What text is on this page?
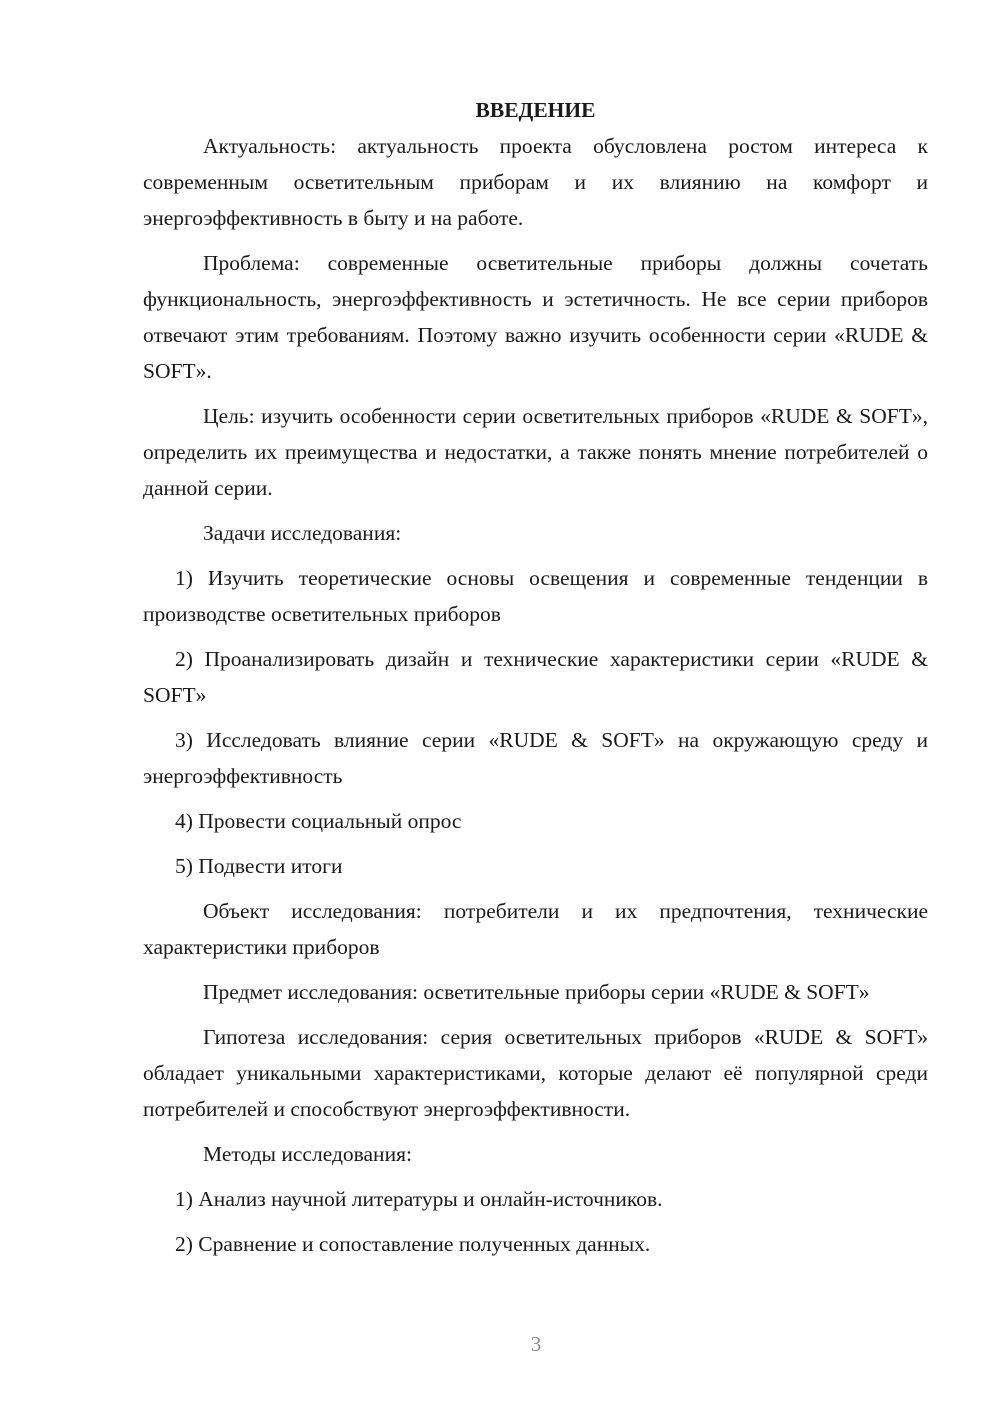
ВВЕДЕНИЕ

Актуальность: актуальность проекта обусловлена ростом интереса к современным осветительным приборам и их влиянию на комфорт и энергоэффективность в быту и на работе.

Проблема: современные осветительные приборы должны сочетать функциональность, энергоэффективность и эстетичность. Не все серии приборов отвечают этим требованиям. Поэтому важно изучить особенности серии «RUDE & SOFT».

Цель: изучить особенности серии осветительных приборов «RUDE & SOFT», определить их преимущества и недостатки, а также понять мнение потребителей о данной серии.

Задачи исследования:

1) Изучить теоретические основы освещения и современные тенденции в производстве осветительных приборов

2) Проанализировать дизайн и технические характеристики серии «RUDE & SOFT»

3) Исследовать влияние серии «RUDE & SOFT» на окружающую среду и энергоэффективность

4) Провести социальный опрос

5) Подвести итоги

Объект исследования: потребители и их предпочтения, технические характеристики приборов

Предмет исследования: осветительные приборы серии «RUDE & SOFT»

Гипотеза исследования: серия осветительных приборов «RUDE & SOFT» обладает уникальными характеристиками, которые делают её популярной среди потребителей и способствуют энергоэффективности.

Методы исследования:

1) Анализ научной литературы и онлайн-источников.

2) Сравнение и сопоставление полученных данных.

3
